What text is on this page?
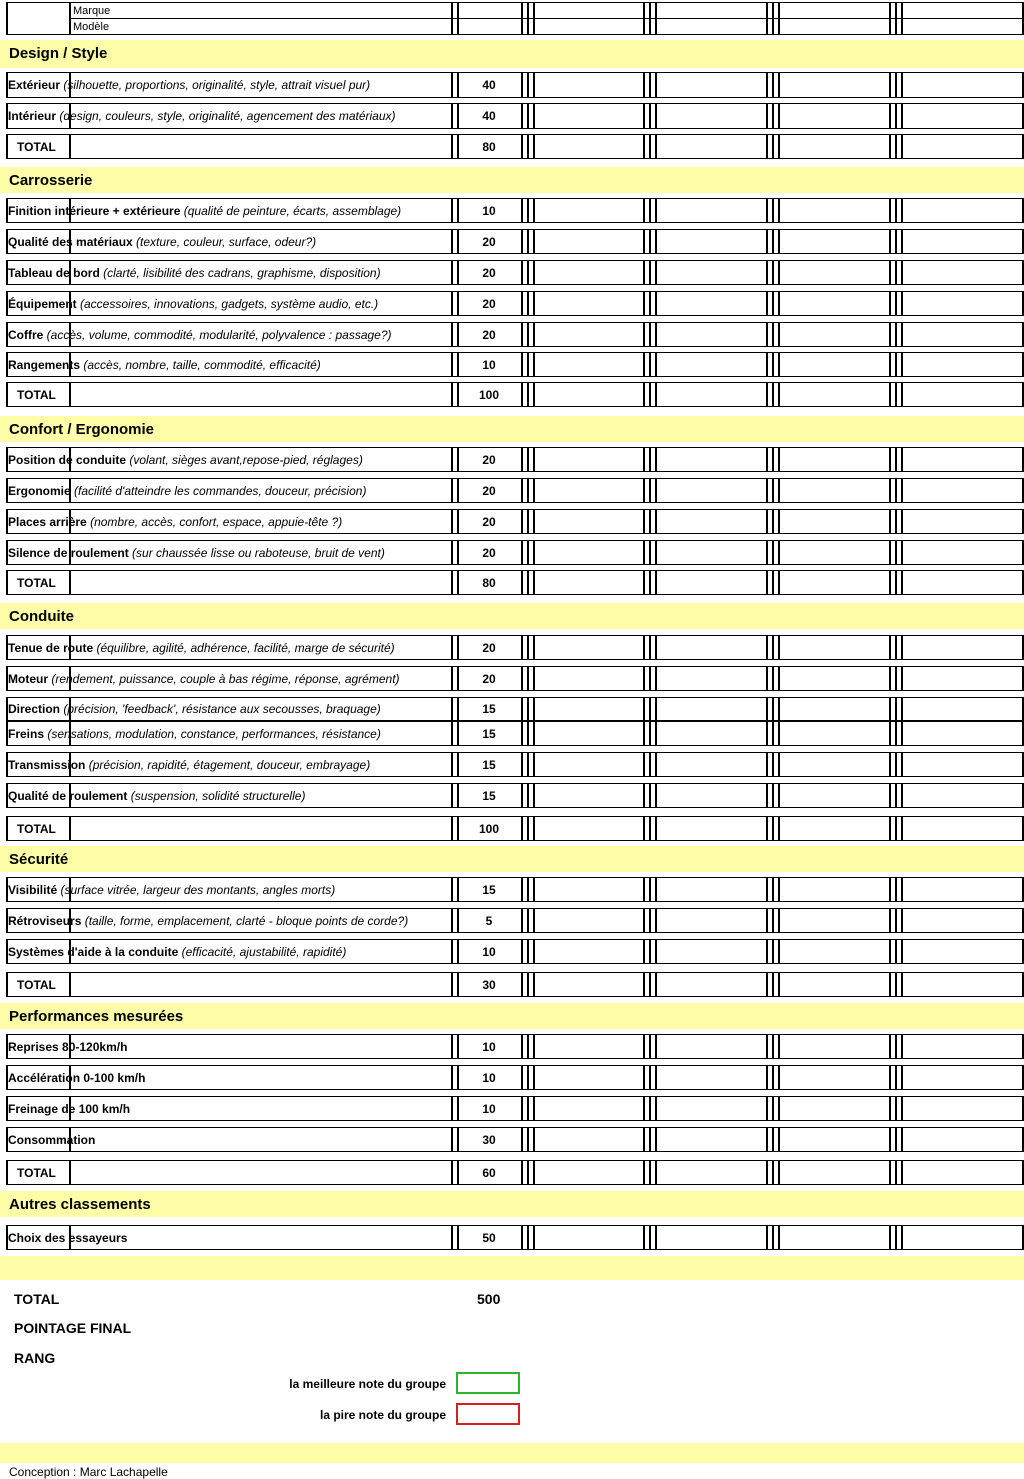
Marque
Modèle
Design / Style
Extérieur (silhouette, proportions, originalité, style, attrait visuel pur)	40
Intérieur (design, couleurs, style, originalité, agencement des matériaux)	40
TOTAL	80
Carrosserie
Finition intérieure + extérieure (qualité de peinture, écarts, assemblage)	10
Qualité des matériaux (texture, couleur, surface, odeur?)	20
Tableau de bord (clarté, lisibilité des cadrans, graphisme, disposition)	20
Équipement (accessoires, innovations, gadgets, système audio, etc.)	20
Coffre (accès, volume, commodité, modularité, polyvalence : passage?)	20
Rangements (accès, nombre, taille, commodité, efficacité)	10
TOTAL	100
Confort / Ergonomie
Position de conduite (volant, sièges avant,repose-pied, réglages)	20
Ergonomie (facilité d'atteindre les commandes, douceur, précision)	20
Places arrière (nombre, accès, confort, espace, appuie-tête ?)	20
Silence de roulement (sur chaussée lisse ou raboteuse, bruit de vent)	20
TOTAL	80
Conduite
Tenue de route (équilibre, agilité, adhérence, facilité, marge de sécurité)	20
Moteur (rendement, puissance, couple à bas régime, réponse, agrément)	20
Direction (précision, 'feedback', résistance aux secousses, braquage)	15
Freins (sensations, modulation, constance, performances, résistance)	15
Transmission (précision, rapidité, étagement, douceur, embrayage)	15
Qualité de roulement (suspension, solidité structurelle)	15
TOTAL	100
Sécurité
Visibilité (surface vitrée, largeur des montants, angles morts)	15
Rétroviseurs (taille, forme, emplacement, clarté - bloque points de corde?)	5
Systèmes d'aide à la conduite (efficacité, ajustabilité, rapidité)	10
TOTAL	30
Performances mesurées
Reprises 80-120km/h	10
Accélération 0-100 km/h	10
Freinage de 100 km/h	10
Consommation	30
TOTAL	60
Autres classements
Choix des essayeurs	50
TOTAL	500
POINTAGE FINAL
RANG
la meilleure note du groupe
la pire note du groupe
Conception : Marc Lachapelle
